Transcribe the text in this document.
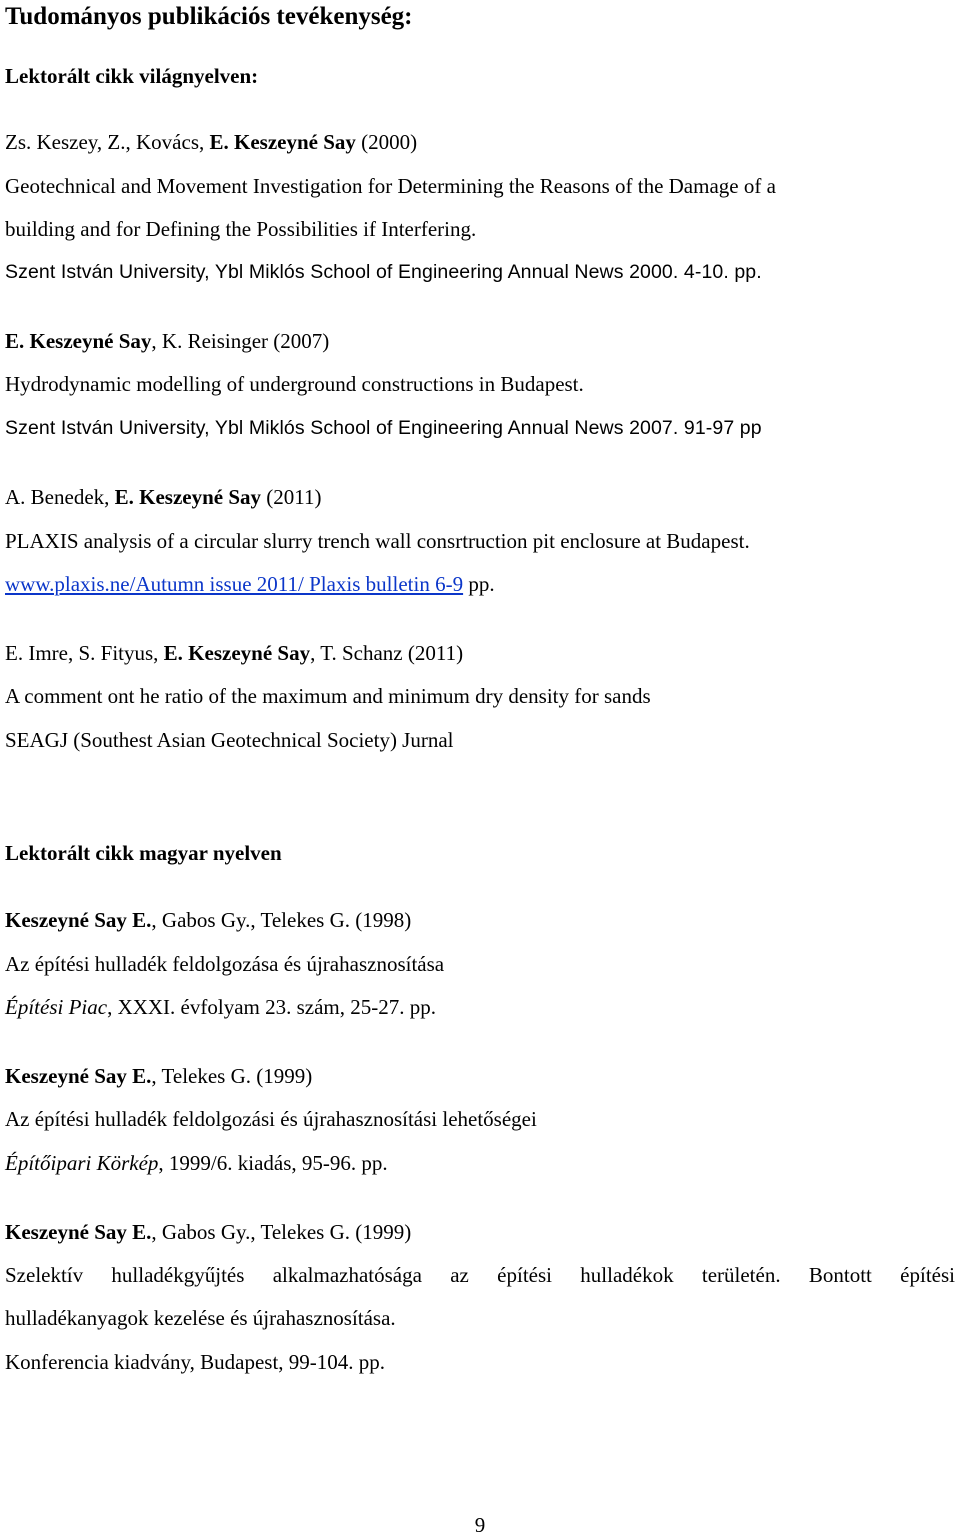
Tudományos publikációs tevékenység:
Lektorált cikk világnyelven:
Zs. Keszey, Z., Kovács, E. Keszeyné Say (2000)
Geotechnical and Movement Investigation for Determining the Reasons of the Damage of a
building and for Defining the Possibilities if Interfering.
Szent István University, Ybl Miklós School of Engineering Annual News 2000. 4-10. pp.
E. Keszeyné Say, K. Reisinger (2007)
Hydrodynamic modelling of underground constructions in Budapest.
Szent István University, Ybl Miklós School of Engineering Annual News 2007. 91-97 pp
A. Benedek, E. Keszeyné Say (2011)
PLAXIS analysis of a circular slurry trench wall consrtruction pit enclosure at Budapest.
www.plaxis.ne/Autumn issue 2011/ Plaxis bulletin 6-9 pp.
E. Imre, S. Fityus, E. Keszeyné Say, T. Schanz (2011)
A comment ont he ratio of the maximum and minimum dry density for sands
SEAGJ (Southest Asian Geotechnical Society) Jurnal
Lektorált cikk magyar nyelven
Keszeyné Say E., Gabos Gy., Telekes G. (1998)
Az építési hulladék feldolgozása és újrahasznosítása
Építési Piac, XXXI. évfolyam 23. szám, 25-27. pp.
Keszeyné Say E., Telekes G. (1999)
Az építési hulladék feldolgozási és újrahasznosítási lehetőségei
Építőipari Körkép, 1999/6. kiadás, 95-96. pp.
Keszeyné Say E., Gabos Gy., Telekes G. (1999)
Szelektív hulladékgyűjtés alkalmazhatósága az építési hulladékok területén. Bontott építési
hulladékanyagok kezelése és újrahasznosítása.
Konferencia kiadvány, Budapest, 99-104. pp.
9
